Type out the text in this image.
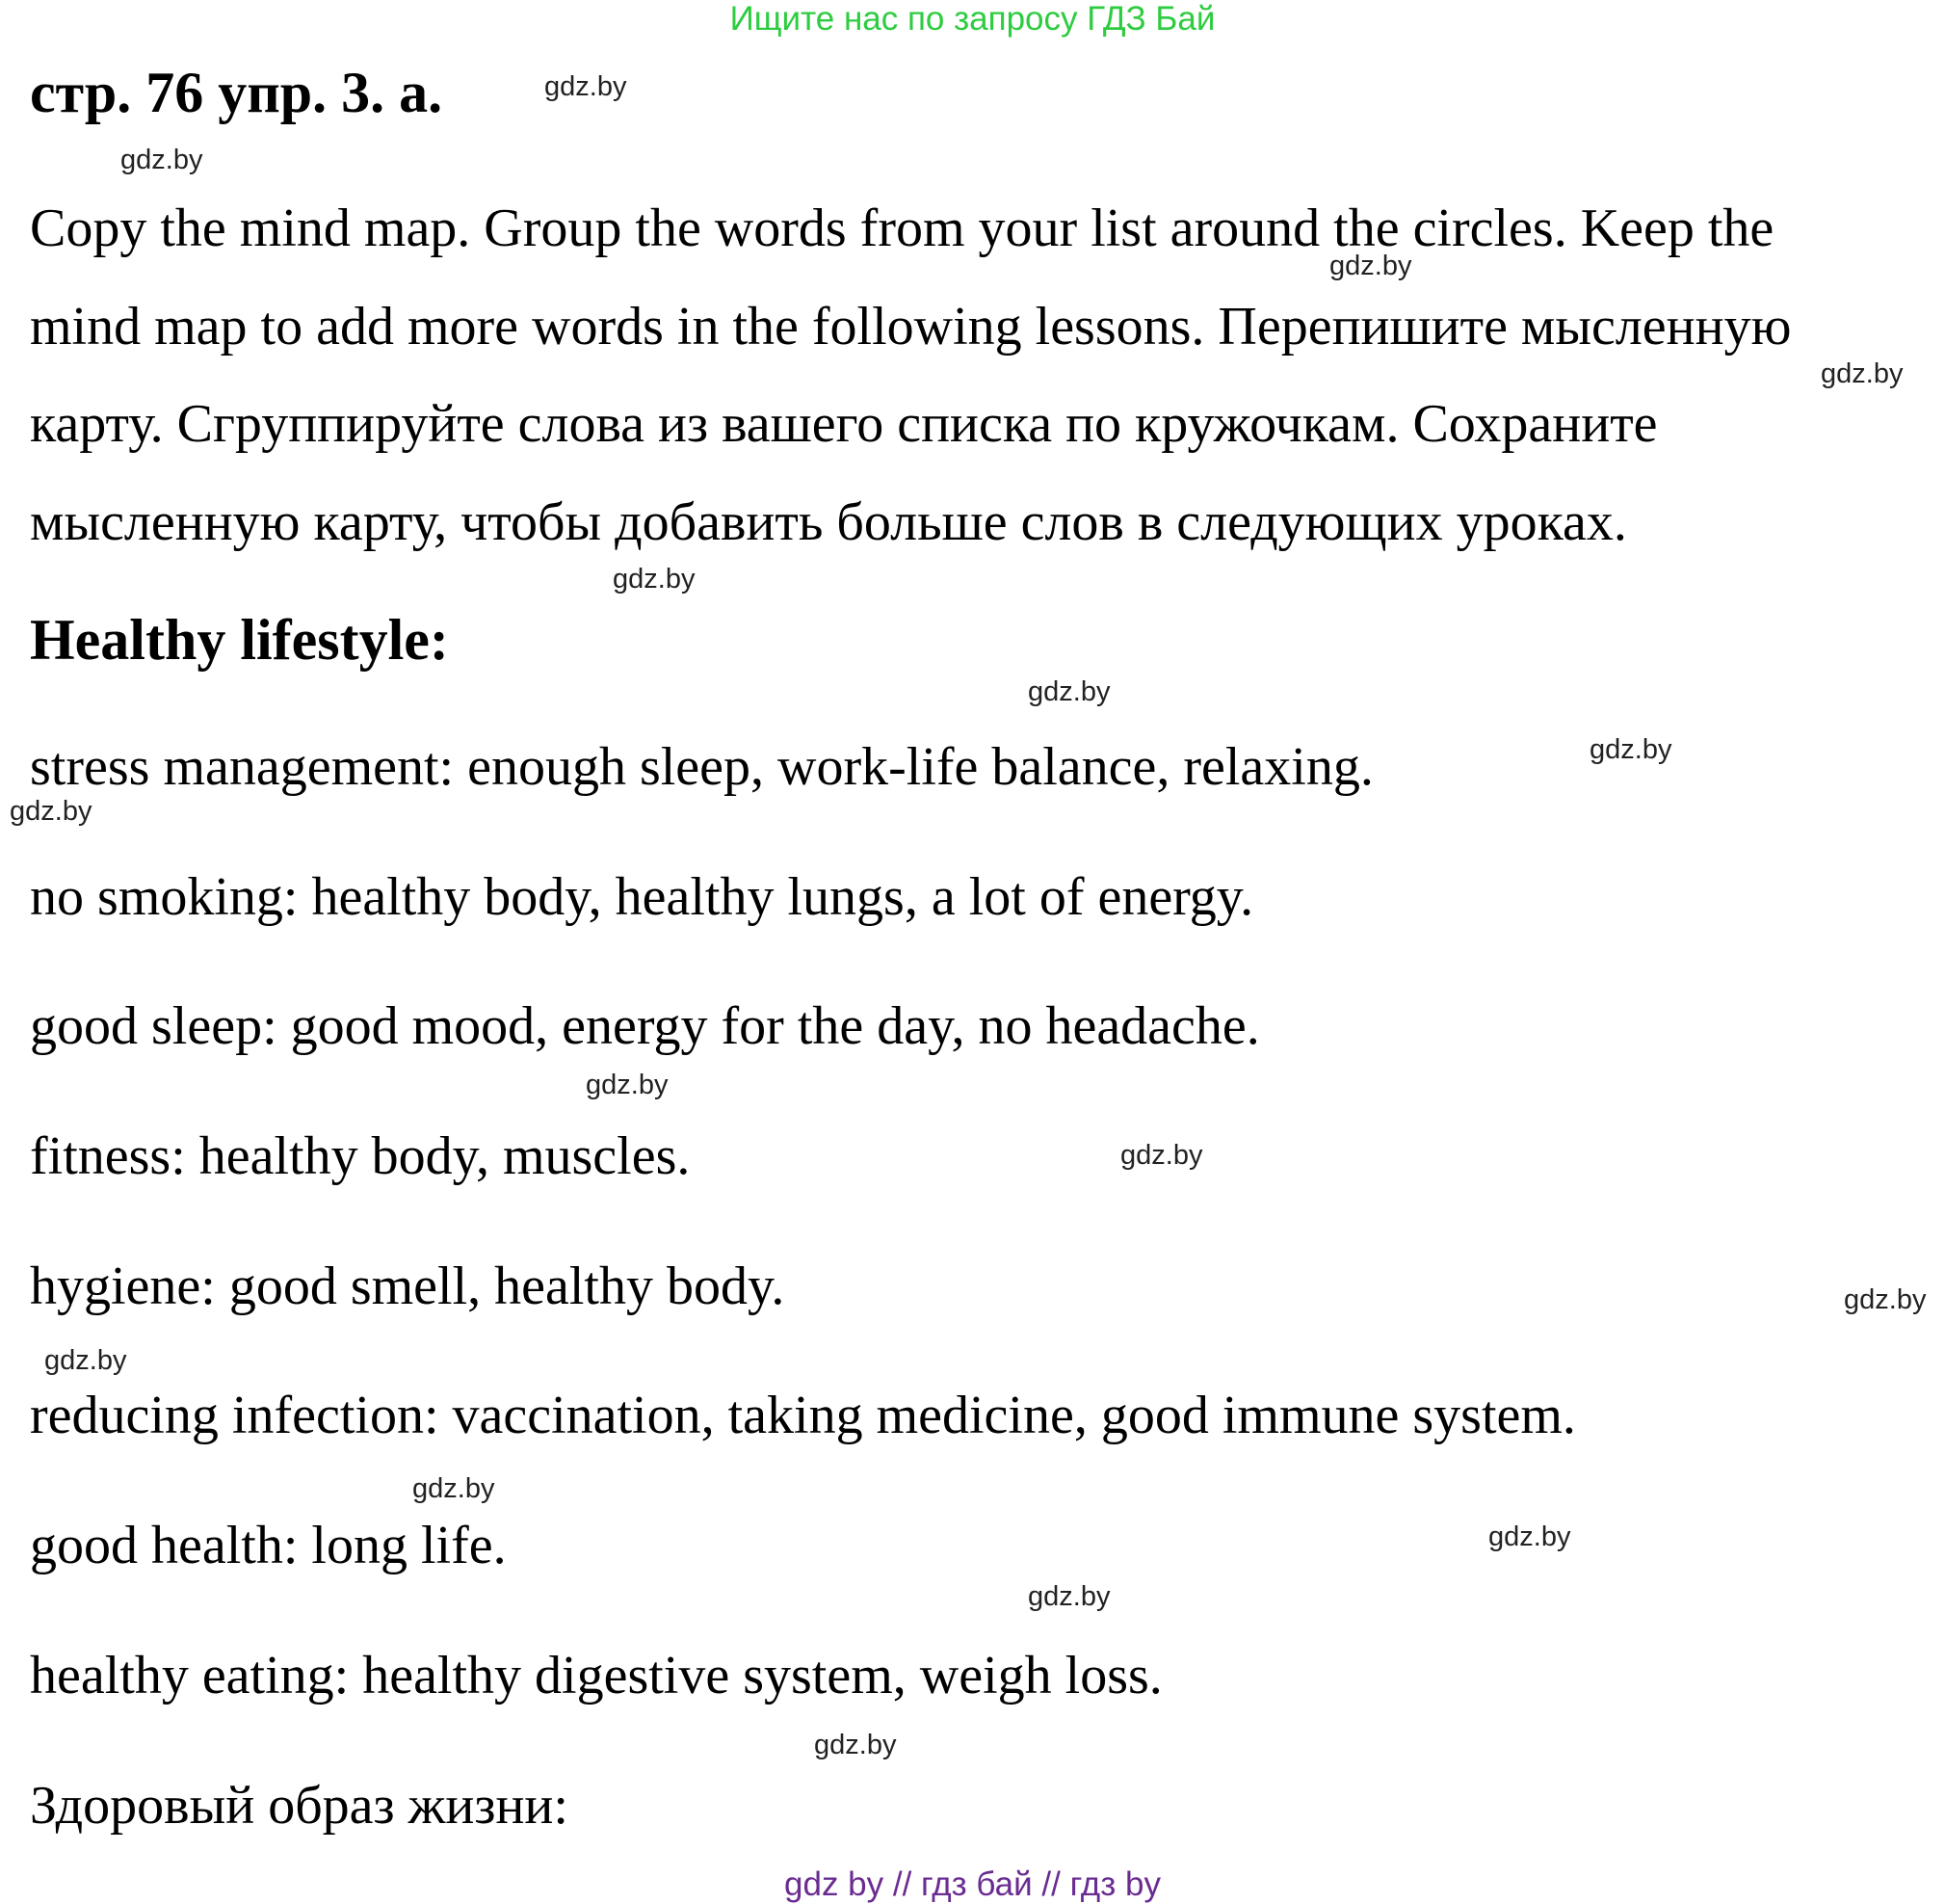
Ищите нас по запросу ГДЗ Бай
стр. 76 упр. 3. а.
Copy the mind map. Group the words from your list around the circles. Keep the
mind map to add more words in the following lessons. Перепишите мысленную
карту. Сгруппируйте слова из вашего списка по кружочкам. Сохраните
мысленную карту, чтобы добавить больше слов в следующих уроках.
Healthy lifestyle:
stress management: enough sleep, work-life balance, relaxing.
no smoking: healthy body, healthy lungs, a lot of energy.
good sleep: good mood, energy for the day, no headache.
fitness: healthy body, muscles.
hygiene: good smell, healthy body.
reducing infection: vaccination, taking medicine, good immune system.
good health: long life.
healthy eating: healthy digestive system, weigh loss.
Здоровый образ жизни:
gdz.by
gdz.by
gdz.by
gdz.by
gdz.by
gdz.by
gdz.by
gdz.by
gdz.by
gdz.by
gdz.by
gdz.by
gdz.by
gdz.by
gdz.by
gdz.by
gdz by // гдз бай // гдз by
